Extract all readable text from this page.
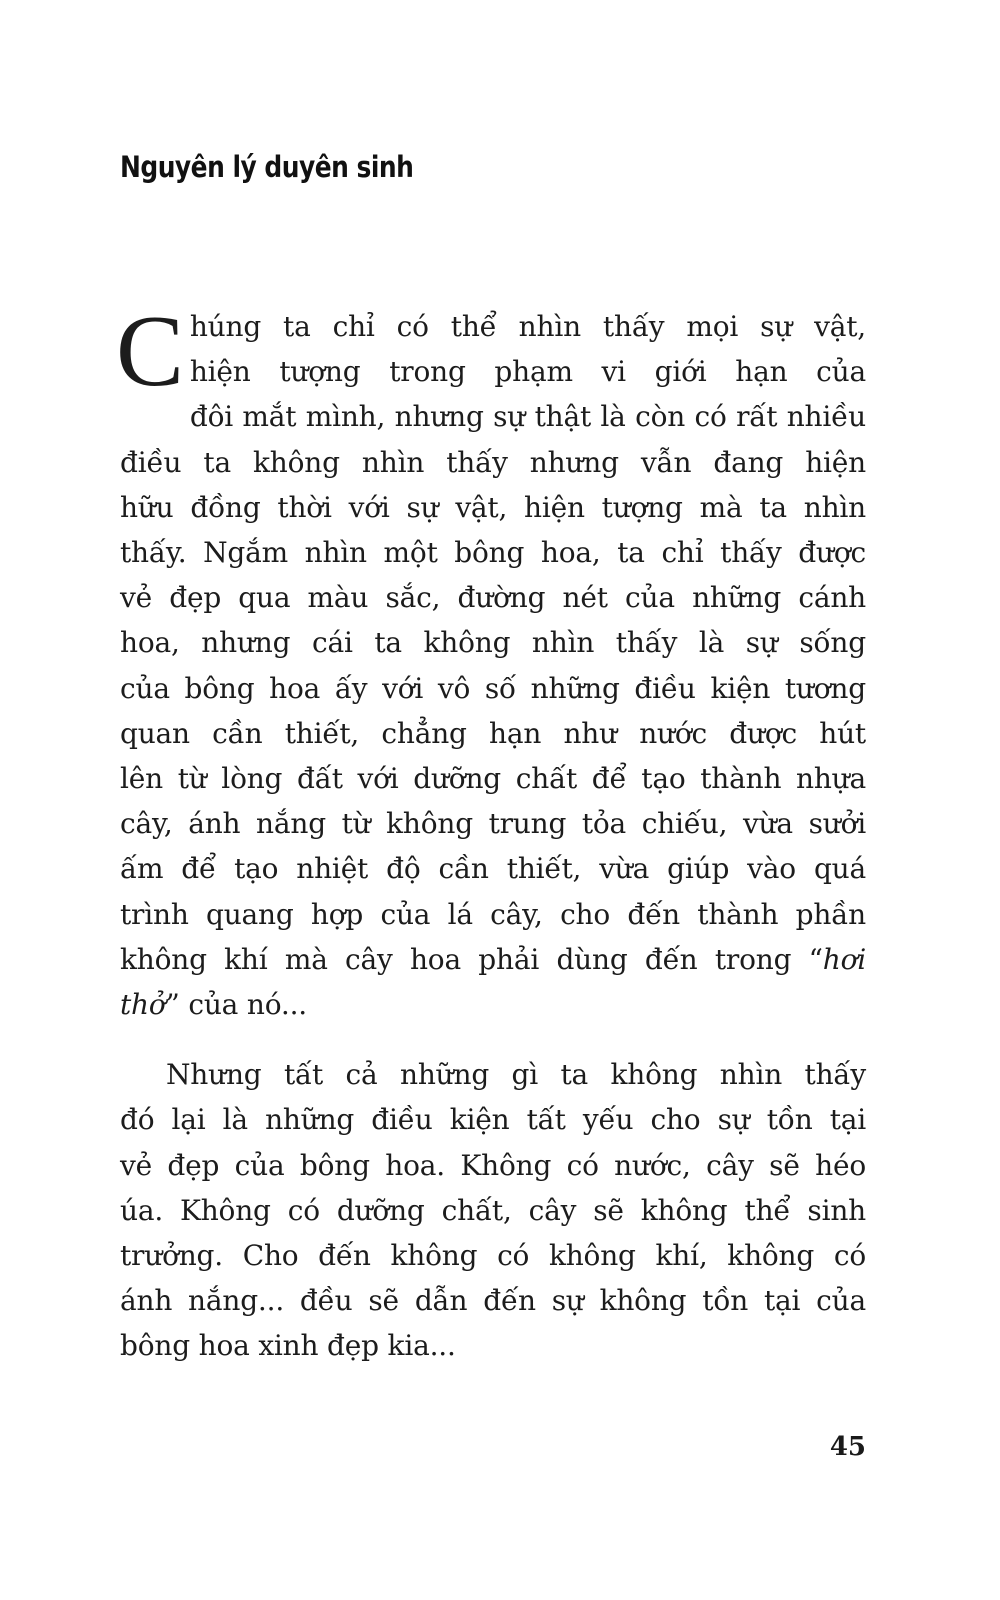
Nguyên lý duyên sinh

C húng ta chỉ có thể nhìn thấy mọi sự vật,
hiện tượng trong phạm vi giới hạn của
đôi mắt mình, nhưng sự thật là còn có rất nhiều
điều ta không nhìn thấy nhưng vẫn đang hiện
hữu đồng thời với sự vật, hiện tượng mà ta nhìn
thấy. Ngắm nhìn một bông hoa, ta chỉ thấy được
vẻ đẹp qua màu sắc, đường nét của những cánh
hoa, nhưng cái ta không nhìn thấy là sự sống
của bông hoa ấy với vô số những điều kiện tương
quan cần thiết, chẳng hạn như nước được hút
lên từ lòng đất với dưỡng chất để tạo thành nhựa
cây, ánh nắng từ không trung tỏa chiếu, vừa sưởi
ấm để tạo nhiệt độ cần thiết, vừa giúp vào quá
trình quang hợp của lá cây, cho đến thành phần
không khí mà cây hoa phải dùng đến trong “hơi
thở” của nó...

Nhưng tất cả những gì ta không nhìn thấy
đó lại là những điều kiện tất yếu cho sự tồn tại
vẻ đẹp của bông hoa. Không có nước, cây sẽ héo
úa. Không có dưỡng chất, cây sẽ không thể sinh
trưởng. Cho đến không có không khí, không có
ánh nắng... đều sẽ dẫn đến sự không tồn tại của
bông hoa xinh đẹp kia...

45
